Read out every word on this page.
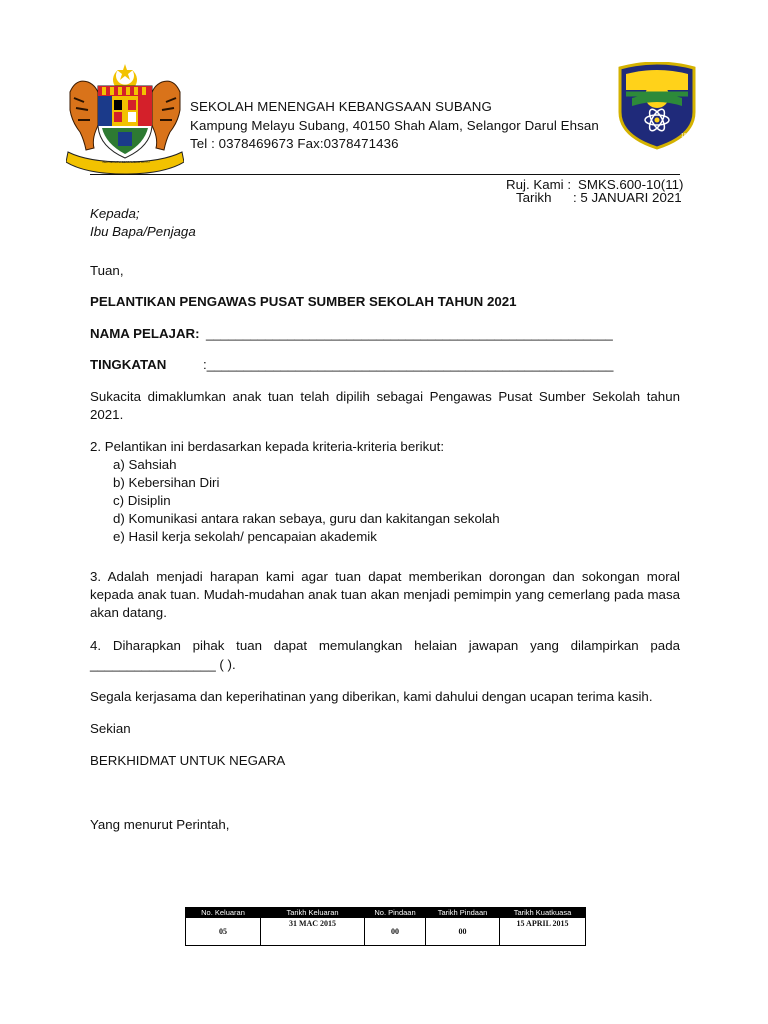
BERSEKUTU BERTAMBAH MUTU
SEKOLAH MENENGAH KEBANGSAAN SUBANG
Kampung Melayu Subang, 40150 Shah Alam, Selangor Darul Ehsan
Tel : 0378469673 Fax:0378471436	1997
Ruj. Kami : SMKS.600-10(11)
Tarikh : 5 JANUARI 2021
Kepada;
Ibu Bapa/Penjaga
Tuan,
PELANTIKAN PENGAWAS PUSAT SUMBER SEKOLAH TAHUN 2021
NAMA PELAJAR: _______________________________________________________
TINGKATAN	:_______________________________________________________
Sukacita dimaklumkan anak tuan telah dipilih sebagai Pengawas Pusat Sumber Sekolah tahun 2021.
2. Pelantikan ini berdasarkan kepada kriteria-kriteria berikut:
a) Sahsiah
b) Kebersihan Diri
c) Disiplin
d) Komunikasi antara rakan sebaya, guru dan kakitangan sekolah
e) Hasil kerja sekolah/ pencapaian akademik
3. Adalah menjadi harapan kami agar tuan dapat memberikan dorongan dan sokongan moral kepada anak tuan. Mudah-mudahan anak tuan akan menjadi pemimpin yang cemerlang pada masa akan datang.
4. Diharapkan pihak tuan dapat memulangkan helaian jawapan yang dilampirkan pada
_________________ ( ).
Segala kerjasama dan keperihatinan yang diberikan, kami dahului dengan ucapan terima kasih.
Sekian
BERKHIDMAT UNTUK NEGARA
Yang menurut Perintah,
No. Keluaran	Tarikh Keluaran	No. Pindaan	Tarikh Pindaan	Tarikh Kuatkuasa
05	31 MAC 2015	00	00	15 APRIL 2015
